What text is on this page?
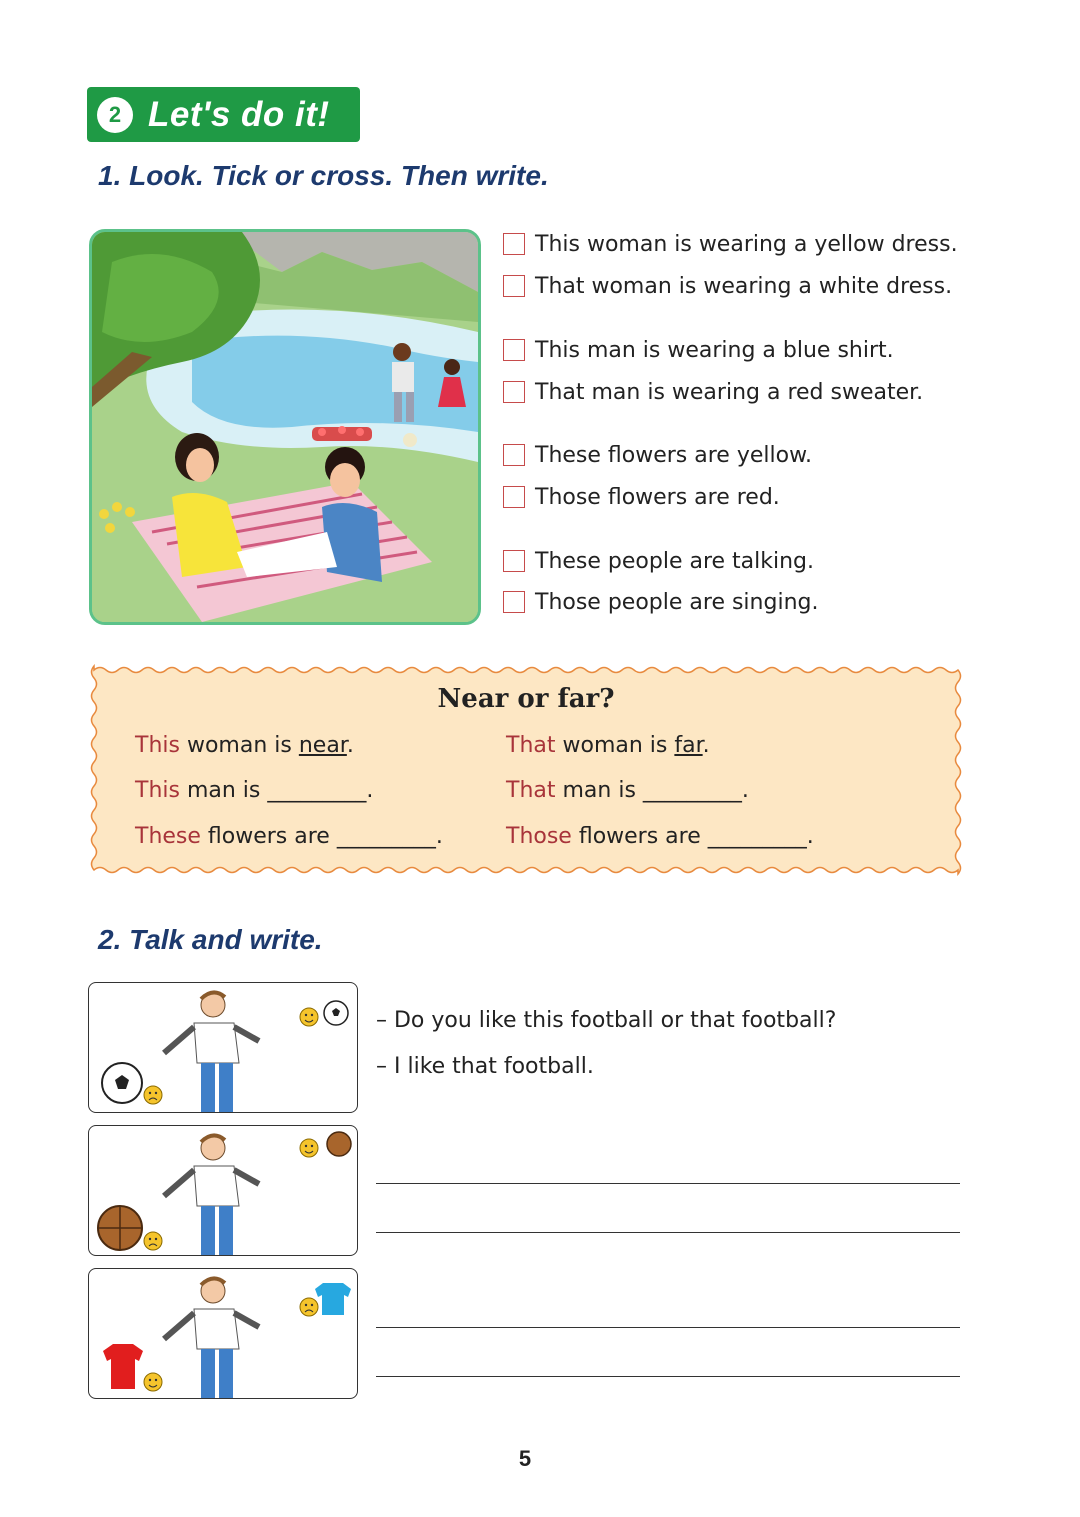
2 Let's do it!
1. Look. Tick or cross. Then write.
This woman is wearing a yellow dress.
That woman is wearing a white dress.
This man is wearing a blue shirt.
That man is wearing a red sweater.
These flowers are yellow.
Those flowers are red.
These people are talking.
Those people are singing.
Near or far?
This woman is near.	That woman is far.
This man is _________.	That man is _________.
These flowers are _________.	Those flowers are _________.
2. Talk and write.
– Do you like this football or that football?
– I like that football.
5
